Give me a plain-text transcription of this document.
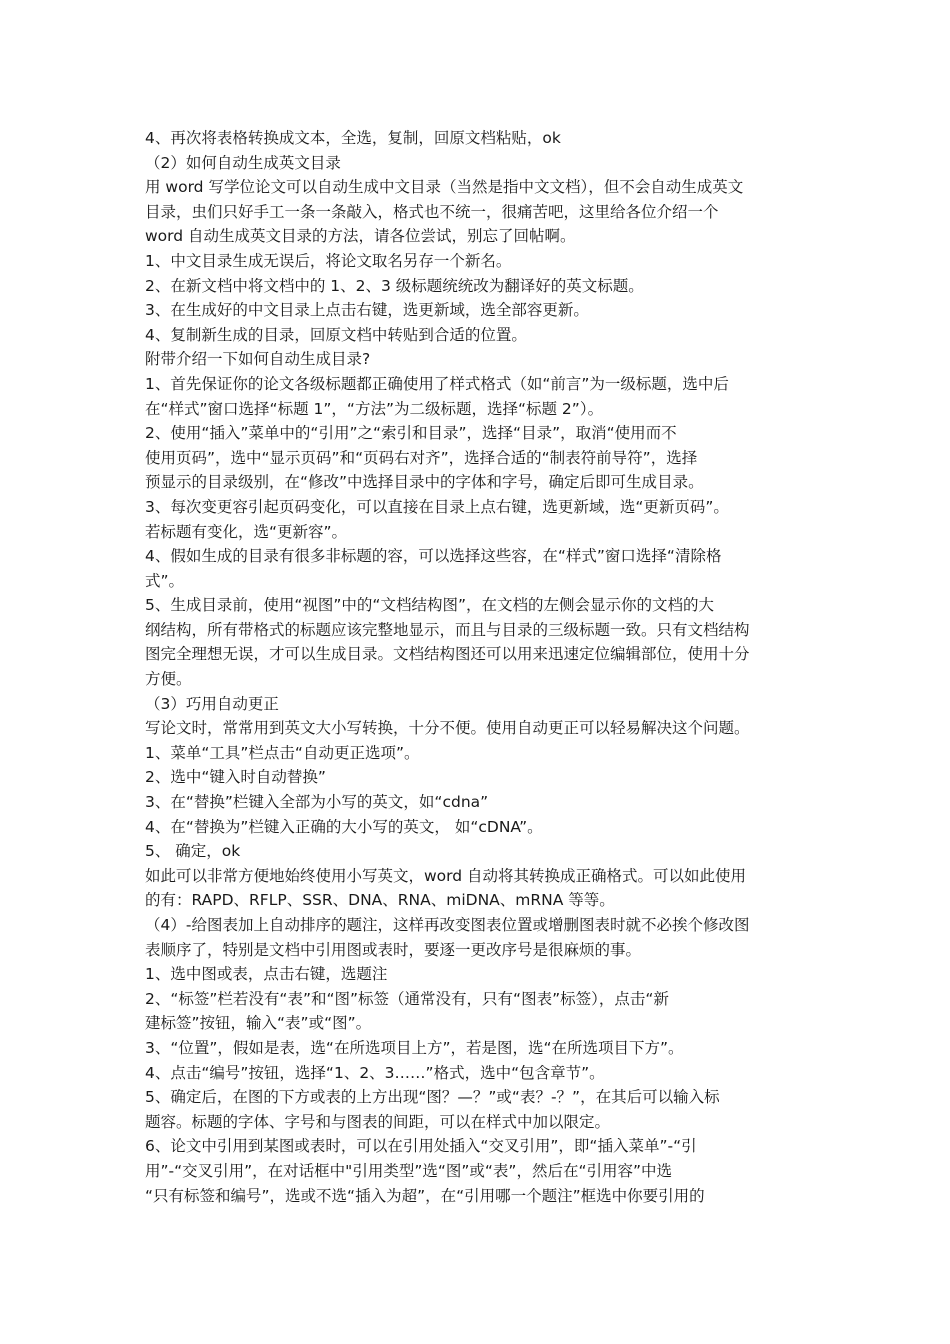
4、再次将表格转换成文本，全选，复制，回原文档粘贴，ok
（2）如何自动生成英文目录
用 word 写学位论文可以自动生成中文目录（当然是指中文文档），但不会自动生成英文
目录，虫们只好手工一条一条敲入，格式也不统一，很痛苦吧，这里给各位介绍一个
word 自动生成英文目录的方法，请各位尝试，别忘了回帖啊。
1、中文目录生成无误后，将论文取名另存一个新名。
2、在新文档中将文档中的 1、2、3 级标题统统改为翻译好的英文标题。
3、在生成好的中文目录上点击右键，选更新域，选全部容更新。
4、复制新生成的目录，回原文档中转贴到合适的位置。
附带介绍一下如何自动生成目录?
1、首先保证你的论文各级标题都正确使用了样式格式（如“前言”为一级标题，选中后
在“样式”窗口选择“标题 1”，“方法”为二级标题，选择“标题 2”）。
2、使用“插入”菜单中的“引用”之“索引和目录”，选择“目录”，取消“使用而不
使用页码”，选中“显示页码”和“页码右对齐”，选择合适的“制表符前导符”，选择
预显示的目录级别，在“修改”中选择目录中的字体和字号，确定后即可生成目录。
3、每次变更容引起页码变化，可以直接在目录上点右键，选更新域，选“更新页码”。
若标题有变化，选“更新容”。
4、假如生成的目录有很多非标题的容，可以选择这些容，在“样式”窗口选择“清除格
式”。
5、生成目录前，使用“视图”中的“文档结构图”，在文档的左侧会显示你的文档的大
纲结构，所有带格式的标题应该完整地显示，而且与目录的三级标题一致。只有文档结构
图完全理想无误，才可以生成目录。文档结构图还可以用来迅速定位编辑部位，使用十分
方便。
（3）巧用自动更正
写论文时，常常用到英文大小写转换，十分不便。使用自动更正可以轻易解决这个问题。
1、菜单“工具”栏点击“自动更正选项”。
2、选中“键入时自动替换”
3、在“替换”栏键入全部为小写的英文，如“cdna”
4、在“替换为”栏键入正确的大小写的英文， 如“cDNA”。
5、 确定，ok
如此可以非常方便地始终使用小写英文，word 自动将其转换成正确格式。可以如此使用
的有：RAPD、RFLP、SSR、DNA、RNA、miDNA、mRNA 等等。
（4）-给图表加上自动排序的题注，这样再改变图表位置或增删图表时就不必挨个修改图
表顺序了，特别是文档中引用图或表时，要逐一更改序号是很麻烦的事。
1、选中图或表，点击右键，选题注
2、“标签”栏若没有“表”和“图”标签（通常没有，只有“图表”标签），点击“新
建标签”按钮，输入“表”或“图”。
3、“位置”，假如是表，选“在所选项目上方”，若是图，选“在所选项目下方”。
4、点击“编号”按钮，选择“1、2、3……”格式，选中“包含章节”。
5、确定后，在图的下方或表的上方出现“图？—？”或“表？-？”，在其后可以输入标
题容。标题的字体、字号和与图表的间距，可以在样式中加以限定。
6、论文中引用到某图或表时，可以在引用处插入“交叉引用”，即“插入菜单”-“引
用”-“交叉引用”，在对话框中"引用类型”选“图”或“表”，然后在“引用容”中选
“只有标签和编号”，选或不选“插入为超”，在“引用哪一个题注”框选中你要引用的
